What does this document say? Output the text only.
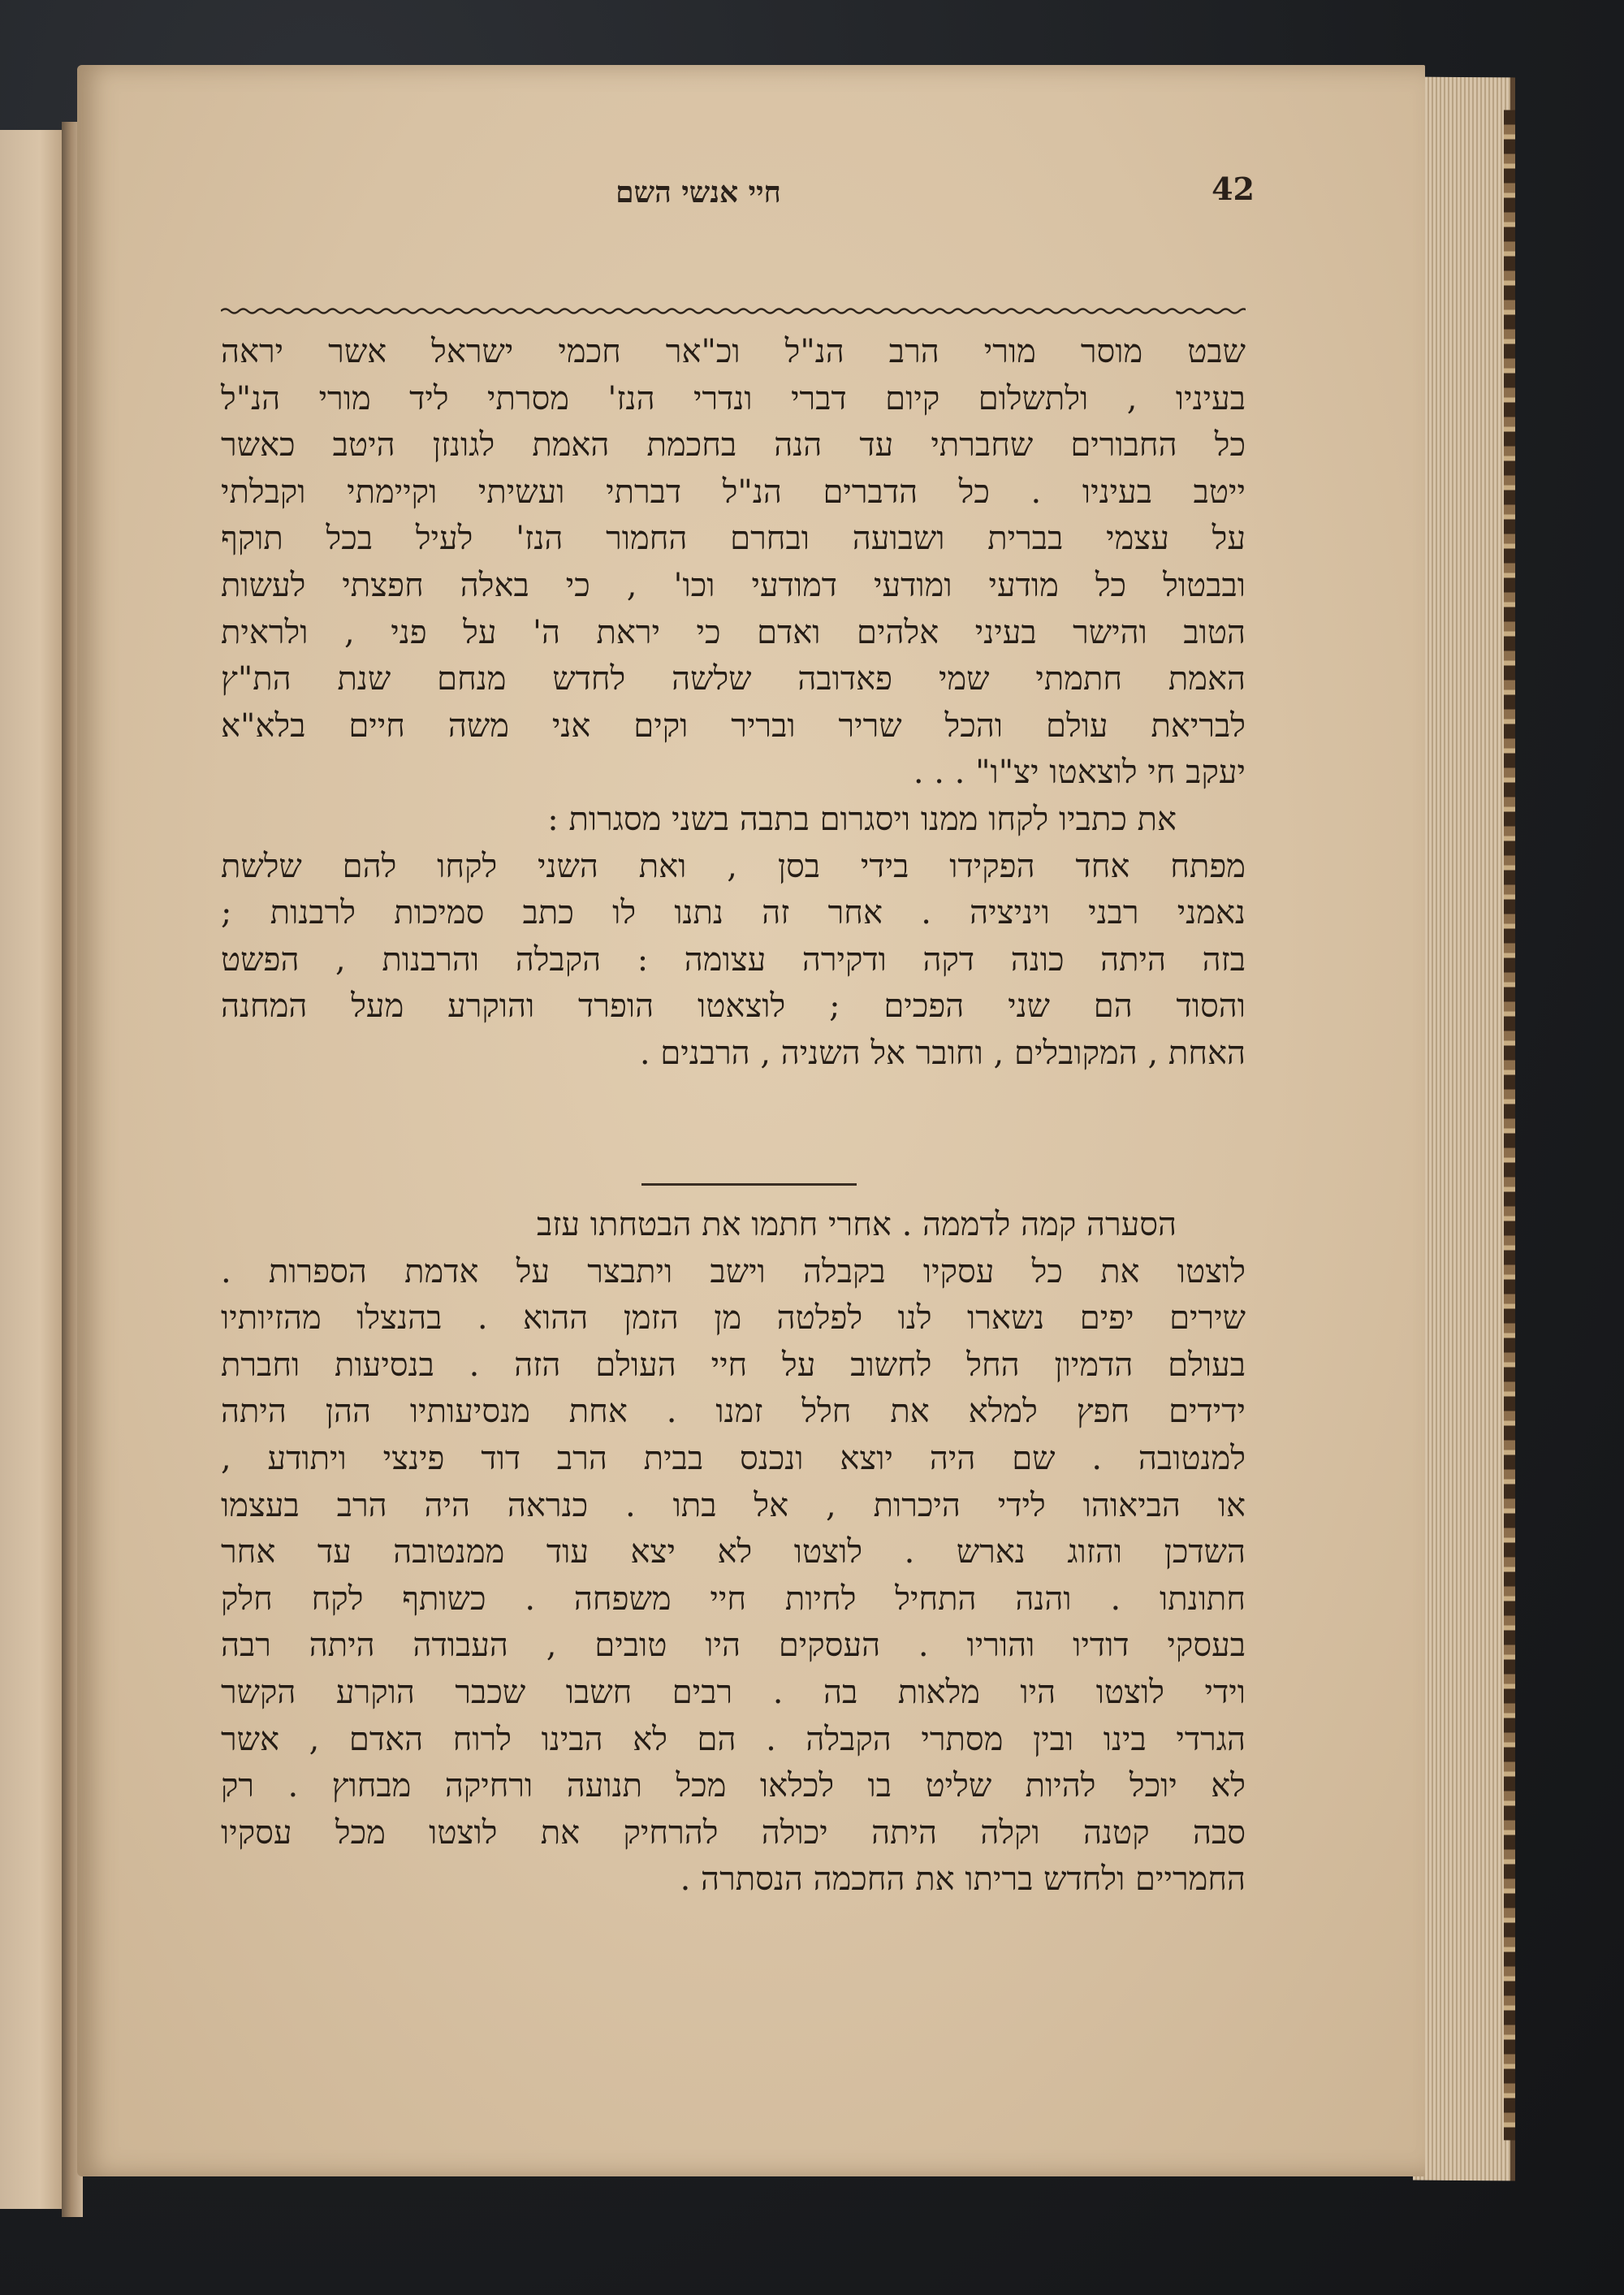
42
חיי אנשי השם
שבט מוסר מורי הרב הנ"ל וכ"אר חכמי ישראל אשר יראה
בעיניו , ולתשלום קיום דברי ונדרי הנז' מסרתי ליד מורי הנ"ל
כל החבורים שחברתי עד הנה בחכמת האמת לגונזן היטב כאשר
ייטב בעיניו . כל הדברים הנ"ל דברתי ועשיתי וקיימתי וקבלתי
על עצמי בברית ושבועה ובחרם החמור הנז' לעיל בכל תוקף
ובבטול כל מודעי ומודעי דמודעי וכו' , כי באלה חפצתי לעשות
הטוב והישר בעיני אלהים ואדם כי יראת ה' על פני , ולראית
האמת חתמתי שמי פאדובה שלשה לחדש מנחם שנת הת"ץ
לבריאת עולם והכל שריר ובריר וקים אני משה חיים בלא"א
יעקב חי לוצאטו יצ"ו" . . .
את כתביו לקחו ממנו ויסגרום בתבה בשני מסגרות :
מפתח אחד הפקידו בידי בסן , ואת השני לקחו להם שלשת
נאמני רבני ויניציה . אחר זה נתנו לו כתב סמיכות לרבנות ;
בזה היתה כונה דקה ודקירה עצומה : הקבלה והרבנות , הפשט
והסוד הם שני הפכים ; לוצאטו הופרד והוקרע מעל המחנה
האחת , המקובלים , וחובר אל השניה , הרבנים .
הסערה קמה לדממה . אחרי חתמו את הבטחתו עזב
לוצטו את כל עסקיו בקבלה וישב ויתבצר על אדמת הספרות .
שירים יפים נשארו לנו לפלטה מן הזמן ההוא . בהנצלו מהזיותיו
בעולם הדמיון החל לחשוב על חיי העולם הזה . בנסיעות וחברת
ידידים חפץ למלא את חלל זמנו . אחת מנסיעותיו ההן היתה
למנטובה . שם היה יוצא ונכנס בבית הרב דוד פינצי ויתודע ,
או הביאוהו לידי היכרות , אל בתו . כנראה היה הרב בעצמו
השדכן והזוג נארש . לוצטו לא יצא עוד ממנטובה עד אחר
חתונתו . והנה התחיל לחיות חיי משפחה . כשותף לקח חלק
בעסקי דודיו והוריו . העסקים היו טובים , העבודה היתה רבה
וידי לוצטו היו מלאות בה . רבים חשבו שכבר הוקרע הקשר
הגרדי בינו ובין מסתרי הקבלה . הם לא הבינו לרוח האדם , אשר
לא יוכל להיות שליט בו לכלאו מכל תנועה ורחיקה מבחוץ . רק
סבה קטנה וקלה היתה יכולה להרחיק את לוצטו מכל עסקיו
החמריים ולחדש בריתו את החכמה הנסתרה .
